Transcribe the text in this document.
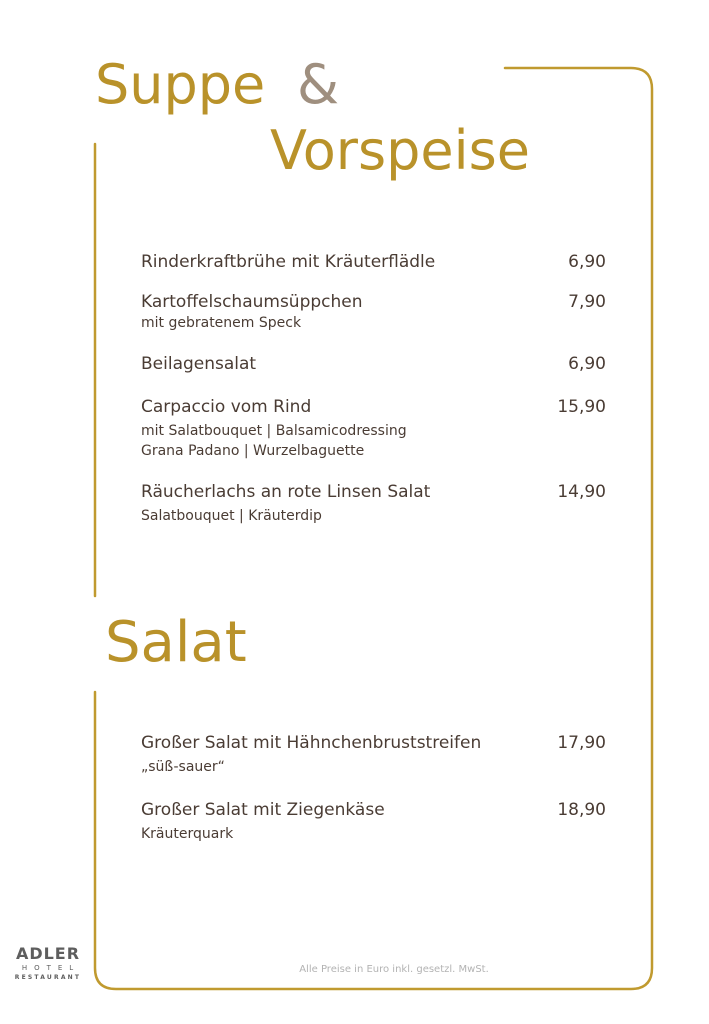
Suppe &
Vorspeise
Rinderkraftbrühe mit Kräuterflädle	6,90
Kartoffelschaumsüppchen	7,90
mit gebratenem Speck
Beilagensalat	6,90
Carpaccio vom Rind	15,90
mit Salatbouquet | Balsamicodressing
Grana Padano | Wurzelbaguette
Räucherlachs an rote Linsen Salat	14,90
Salatbouquet | Kräuterdip
Salat
Großer Salat mit Hähnchenbruststreifen	17,90
„süß-sauer“
Großer Salat mit Ziegenkäse	18,90
Kräuterquark
Alle Preise in Euro inkl. gesetzl. MwSt.
ADLER
HOTEL
RESTAURANT
